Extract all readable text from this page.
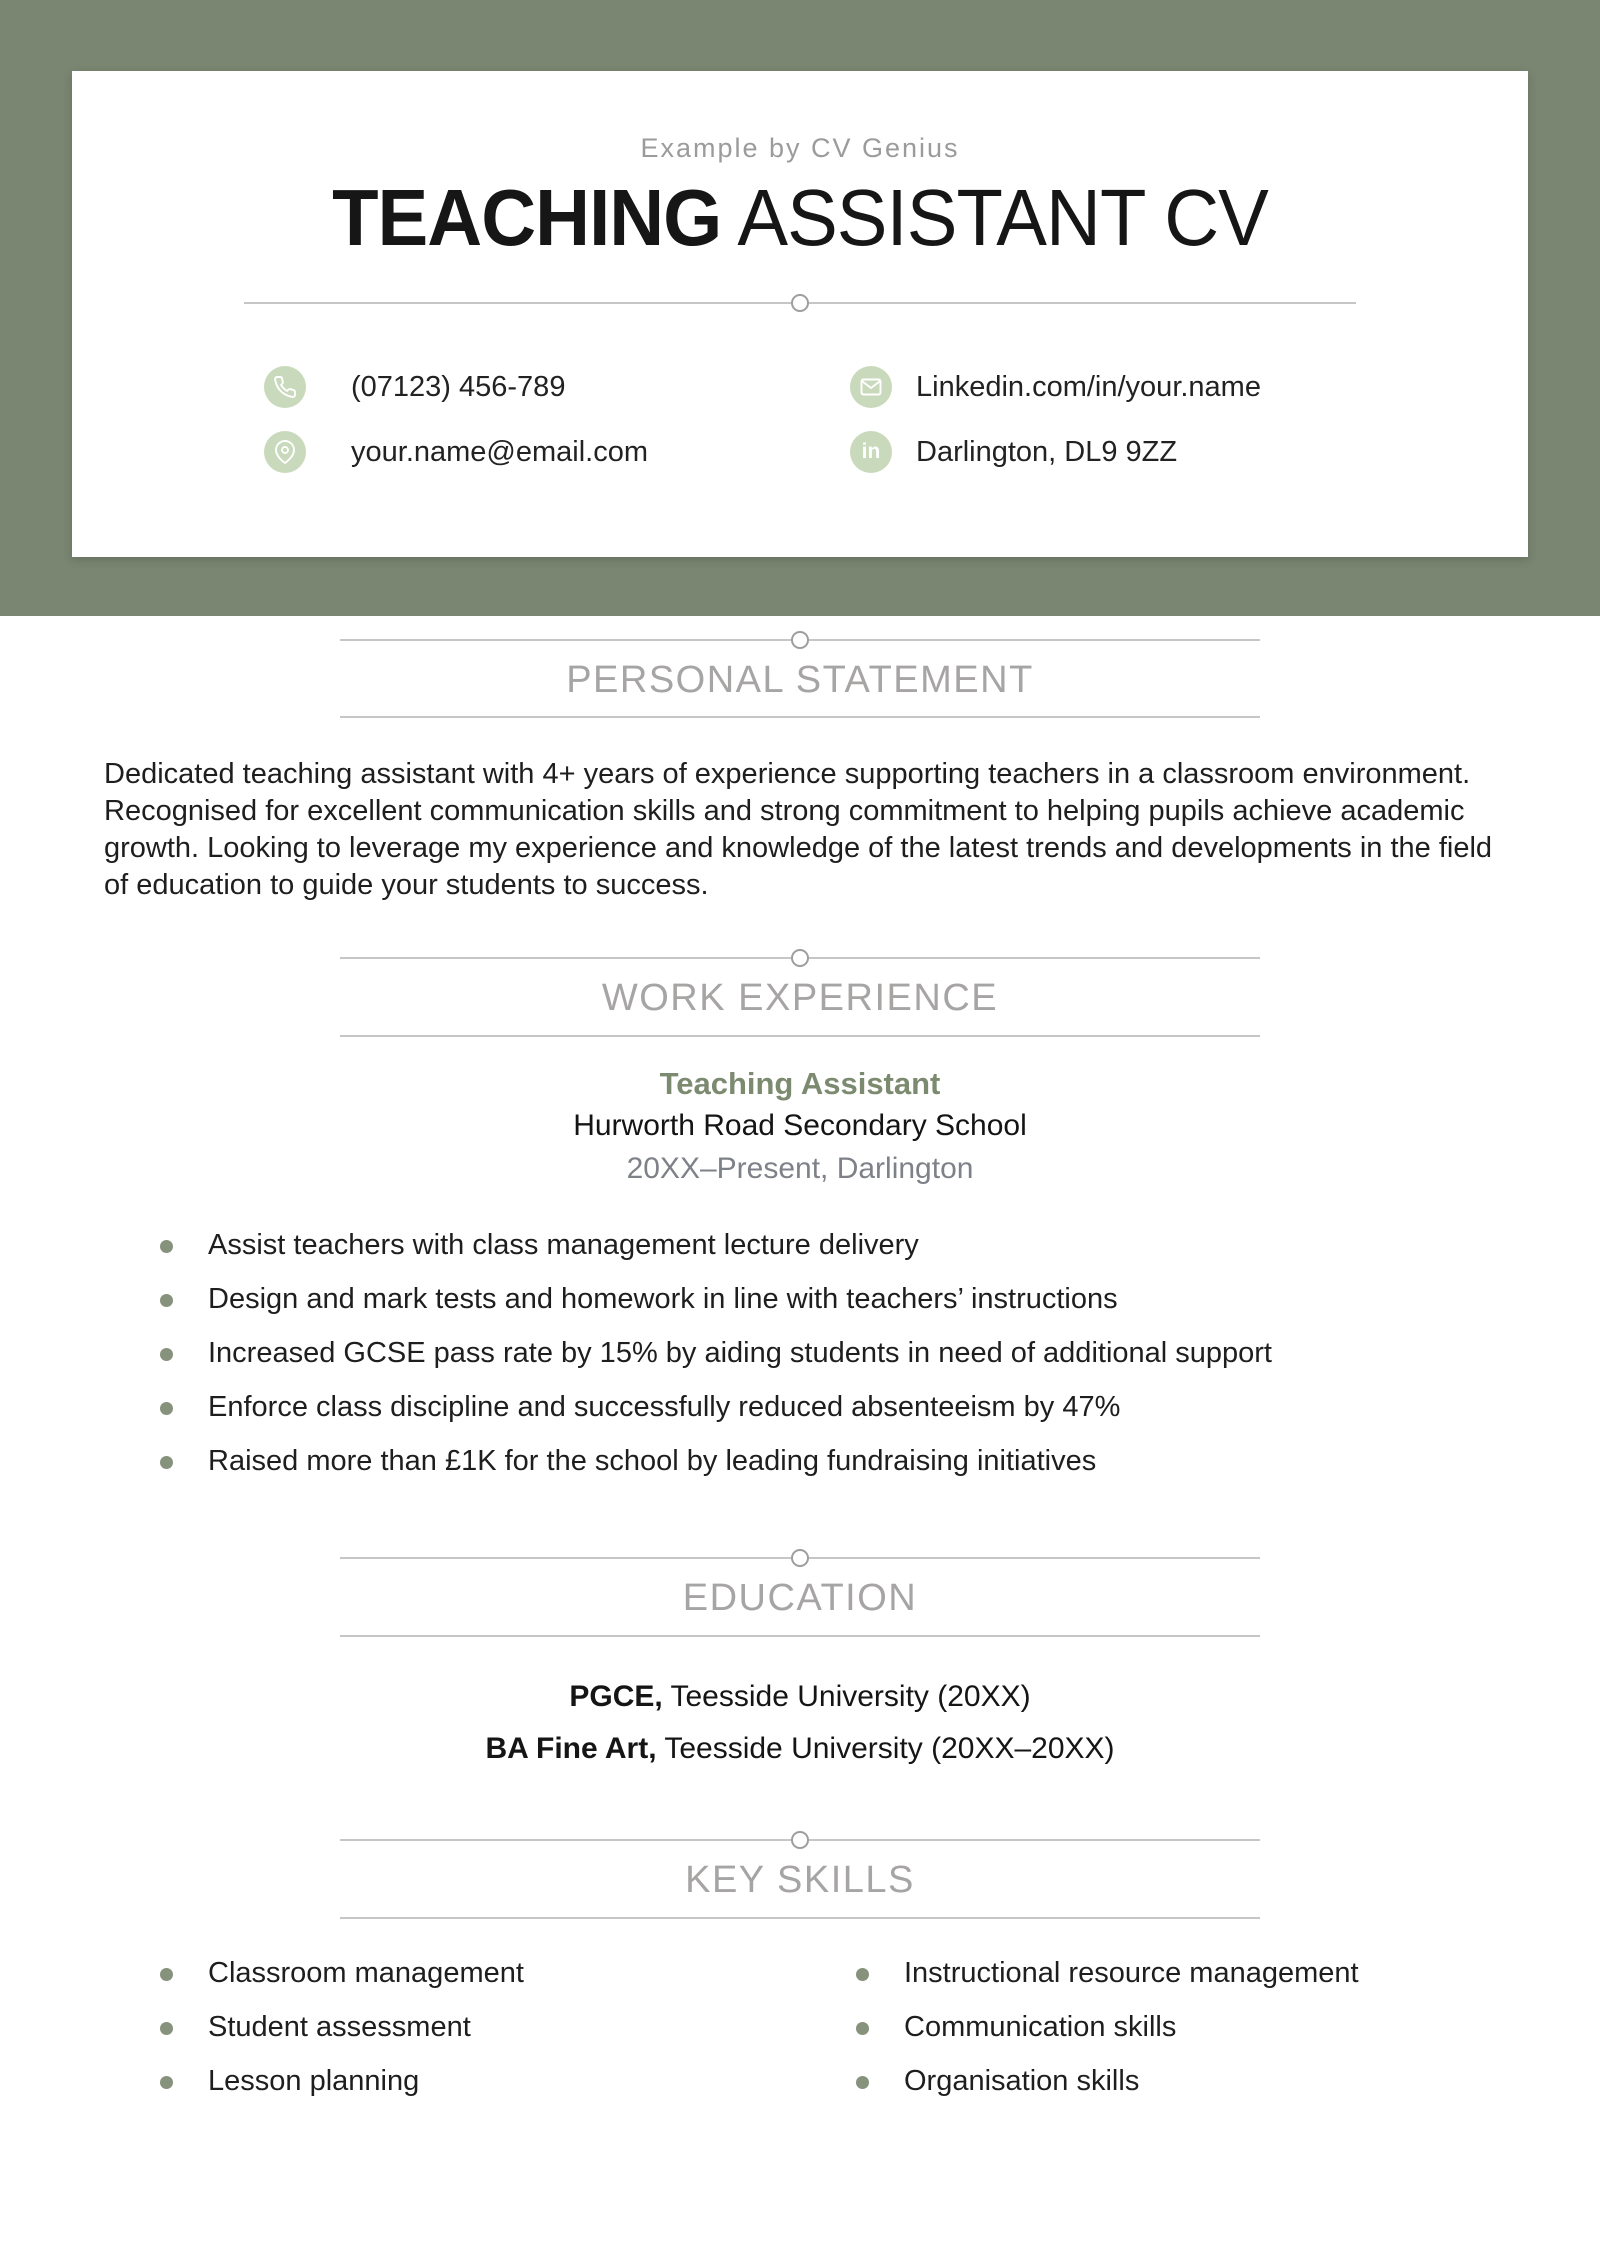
Example by CV Genius
TEACHING ASSISTANT CV
(07123) 456-789
your.name@email.com
Linkedin.com/in/your.name
in Darlington, DL9 9ZZ
PERSONAL STATEMENT
Dedicated teaching assistant with 4+ years of experience supporting teachers in a classroom environment. Recognised for excellent communication skills and strong commitment to helping pupils achieve academic growth. Looking to leverage my experience and knowledge of the latest trends and developments in the field of education to guide your students to success.
WORK EXPERIENCE
Teaching Assistant
Hurworth Road Secondary School
20XX–Present, Darlington
Assist teachers with class management lecture delivery
Design and mark tests and homework in line with teachers’ instructions
Increased GCSE pass rate by 15% by aiding students in need of additional support
Enforce class discipline and successfully reduced absenteeism by 47%
Raised more than £1K for the school by leading fundraising initiatives
EDUCATION
PGCE, Teesside University (20XX)
BA Fine Art, Teesside University (20XX–20XX)
KEY SKILLS
Classroom management
Student assessment
Lesson planning
Instructional resource management
Communication skills
Organisation skills
